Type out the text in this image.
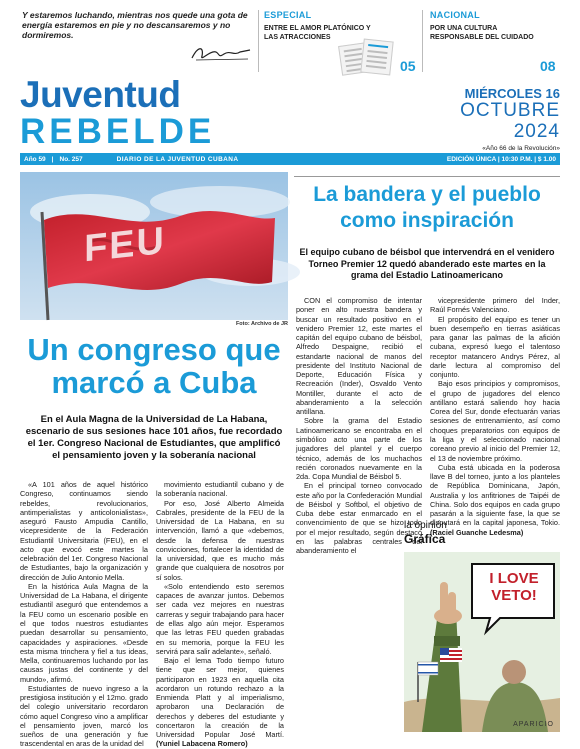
Y estaremos luchando, mientras nos quede una gota de energía estaremos en pie y no descansaremos y no dormiremos.

ESPECIAL
ENTRE EL AMOR PLATÓNICO Y LAS ATRACCIONES
05
NACIONAL
POR UNA CULTURA RESPONSABLE DEL CUIDADO
08
Juventud
REBELDE
MIÉRCOLES 16
OCTUBRE
2024
«Año 66 de la Revolución»
Año 59 | No. 257	DIARIO DE LA JUVENTUD CUBANA	EDICIÓN ÚNICA | 10:30 P.M. | $ 1.00
FEU
Foto: Archivo de JR
Un congreso que marcó a Cuba

En el Aula Magna de la Universidad de La Habana, escenario de sus sesiones hace 101 años, fue recordado el 1er. Congreso Nacional de Estudiantes, que amplificó el pensamiento joven y la soberanía nacional

«A 101 años de aquel histórico Congreso, continuamos siendo rebeldes, revolucionarios, antimperialistas y anticolonialistas», aseguró Fausto Ampudia Cantillo, vicepresidente de la Federación Estudiantil Universitaria (FEU), en el acto que evocó este martes la celebración del 1er. Congreso Nacional de Estudiantes, bajo la organización y dirección de Julio Antonio Mella.

En la histórica Aula Magna de la Universidad de La Habana, el dirigente estudiantil aseguró que entendemos a la FEU como un escenario posible en el que todos nuestros estudiantes puedan desarrollar su pensamiento, capacidades y aspiraciones. «Desde esta misma trinchera y fiel a tus ideas, Mella, continuaremos luchando por las causas justas del continente y del mundo», afirmó.

Estudiantes de nuevo ingreso a la prestigiosa institución y el 12mo. grado del colegio universitario recordaron cómo aquel Congreso vino a amplificar el pensamiento joven, marcó los sueños de una generación y fue trascendental en aras de la unidad del

movimiento estudiantil cubano y de la soberanía nacional.

Por eso, José Alberto Almeida Cabrales, presidente de la FEU de la Universidad de La Habana, en su intervención, llamó a que «debemos, desde la defensa de nuestras convicciones, fortalecer la identidad de la universidad, que es mucho más grande que cualquiera de nosotros por sí solos.

«Solo entendiendo esto seremos capaces de avanzar juntos. Debemos ser cada vez mejores en nuestras carreras y seguir trabajando para hacer de ellas algo aún mejor. Esperamos que las letras FEU queden grabadas en su memoria, porque la FEU les servirá para salir adelante», señaló.

Bajo el lema Todo tiempo futuro tiene que ser mejor, quienes participaron en 1923 en aquella cita acordaron un rotundo rechazo a la Enmienda Platt y al imperialismo, aprobaron una Declaración de derechos y deberes del estudiante y concertaron la creación de la Universidad Popular José Martí. (Yuniel Labacena Romero)

La bandera y el pueblo como inspiración

El equipo cubano de béisbol que intervendrá en el venidero Torneo Premier 12 quedó abanderado este martes en la grama del Estadio Latinoamericano

CON el compromiso de intentar poner en alto nuestra bandera y buscar un resultado positivo en el venidero Premier 12, este martes el capitán del equipo cubano de béisbol, Alfredo Despaigne, recibió el estandarte nacional de manos del presidente del Instituto Nacional de Deporte, Educación Física y Recreación (Inder), Osvaldo Vento Montiller, durante el acto de abanderamiento a la selección antillana.

Sobre la grama del Estadio Latinoamericano se encontraba en el simbólico acto una parte de los jugadores del plantel y el cuerpo técnico, además de los muchachos recién coronados nuevamente en la 2da. Copa Mundial de Béisbol 5.

En el principal torneo convocado este año por la Confederación Mundial de Béisbol y Softbol, el objetivo de Cuba debe estar enmarcado en el convencimiento de que se hizo todo por el mejor resultado, según destacó en las palabras centrales del abanderamiento el

vicepresidente primero del Inder, Raúl Fornés Valenciano.

El propósito del equipo es tener un buen desempeño en tierras asiáticas para ganar las palmas de la afición cubana, expresó luego el talentoso receptor matancero Andrys Pérez, al darle lectura al compromiso del conjunto.

Bajo esos principios y compromisos, el grupo de jugadores del elenco antillano estará saliendo hoy hacia Corea del Sur, donde efectuarán varias sesiones de entrenamiento, así como choques preparatorios con equipos de la liga y el seleccionado nacional coreano previo al inicio del Premier 12, el 13 de noviembre próximo.

Cuba está ubicada en la poderosa llave B del torneo, junto a los planteles de República Dominicana, Japón, Australia y los anfitriones de Taipéi de China. Solo dos equipos en cada grupo pasarán a la siguiente fase, la que se disputará en la capital japonesa, Tokio. (Raciel Guanche Ledesma)

la opinión
Gráfica
I LOVE VETO!
APARICIO
